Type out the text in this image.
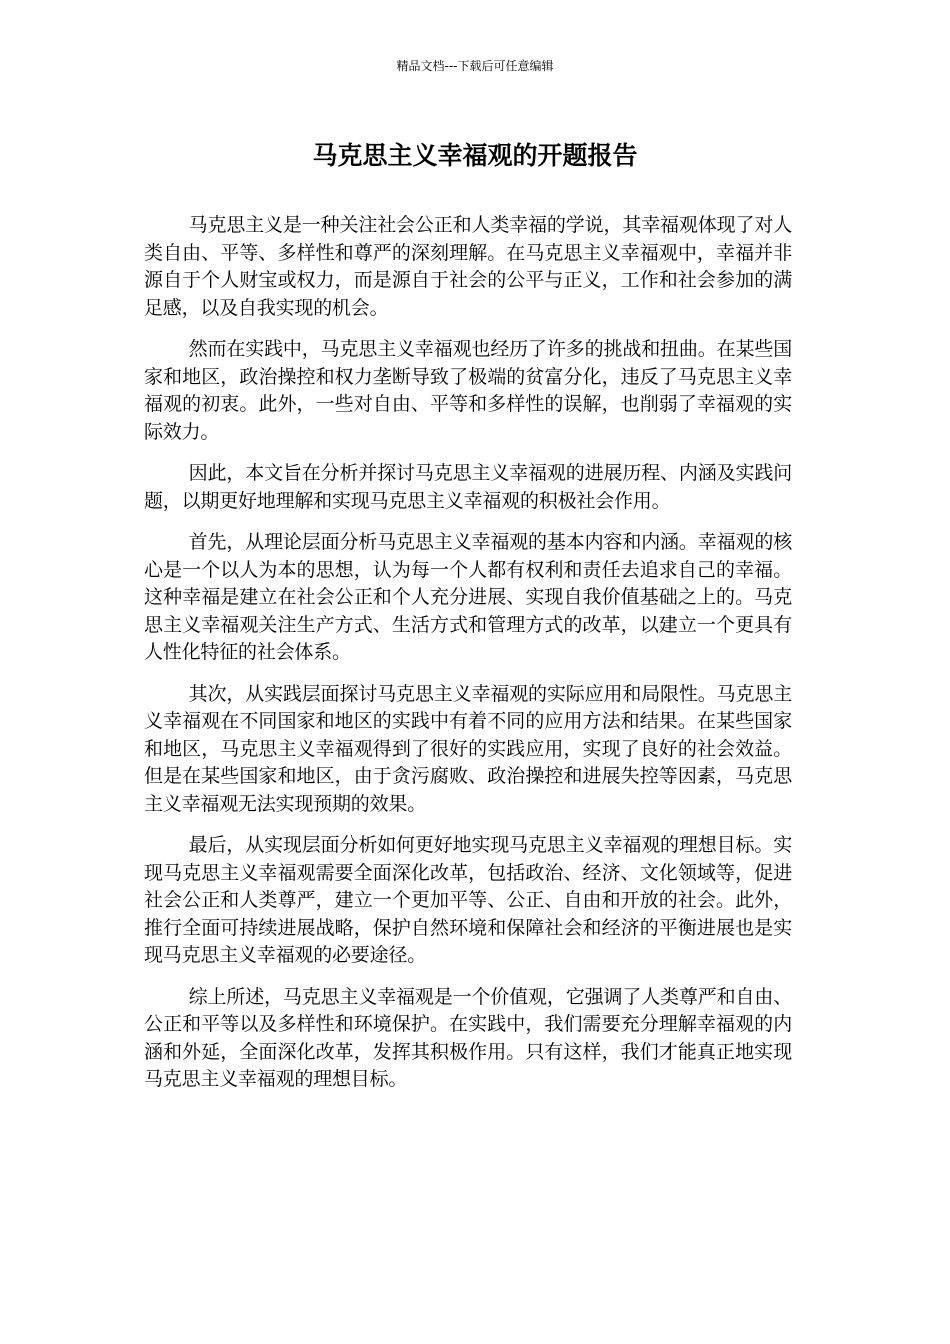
精品文档---下载后可任意编辑
马克思主义幸福观的开题报告

马克思主义是一种关注社会公正和人类幸福的学说，其幸福观体现了对人类自由、平等、多样性和尊严的深刻理解。在马克思主义幸福观中，幸福并非源自于个人财宝或权力，而是源自于社会的公平与正义，工作和社会参加的满足感，以及自我实现的机会。

然而在实践中，马克思主义幸福观也经历了许多的挑战和扭曲。在某些国家和地区，政治操控和权力垄断导致了极端的贫富分化，违反了马克思主义幸福观的初衷。此外，一些对自由、平等和多样性的误解，也削弱了幸福观的实际效力。

因此，本文旨在分析并探讨马克思主义幸福观的进展历程、内涵及实践问题，以期更好地理解和实现马克思主义幸福观的积极社会作用。

首先，从理论层面分析马克思主义幸福观的基本内容和内涵。幸福观的核心是一个以人为本的思想，认为每一个人都有权利和责任去追求自己的幸福。这种幸福是建立在社会公正和个人充分进展、实现自我价值基础之上的。马克思主义幸福观关注生产方式、生活方式和管理方式的改革，以建立一个更具有人性化特征的社会体系。

其次，从实践层面探讨马克思主义幸福观的实际应用和局限性。马克思主义幸福观在不同国家和地区的实践中有着不同的应用方法和结果。在某些国家和地区，马克思主义幸福观得到了很好的实践应用，实现了良好的社会效益。但是在某些国家和地区，由于贪污腐败、政治操控和进展失控等因素，马克思主义幸福观无法实现预期的效果。

最后，从实现层面分析如何更好地实现马克思主义幸福观的理想目标。实现马克思主义幸福观需要全面深化改革，包括政治、经济、文化领域等，促进社会公正和人类尊严，建立一个更加平等、公正、自由和开放的社会。此外，推行全面可持续进展战略，保护自然环境和保障社会和经济的平衡进展也是实现马克思主义幸福观的必要途径。

综上所述，马克思主义幸福观是一个价值观，它强调了人类尊严和自由、公正和平等以及多样性和环境保护。在实践中，我们需要充分理解幸福观的内涵和外延，全面深化改革，发挥其积极作用。只有这样，我们才能真正地实现马克思主义幸福观的理想目标。
